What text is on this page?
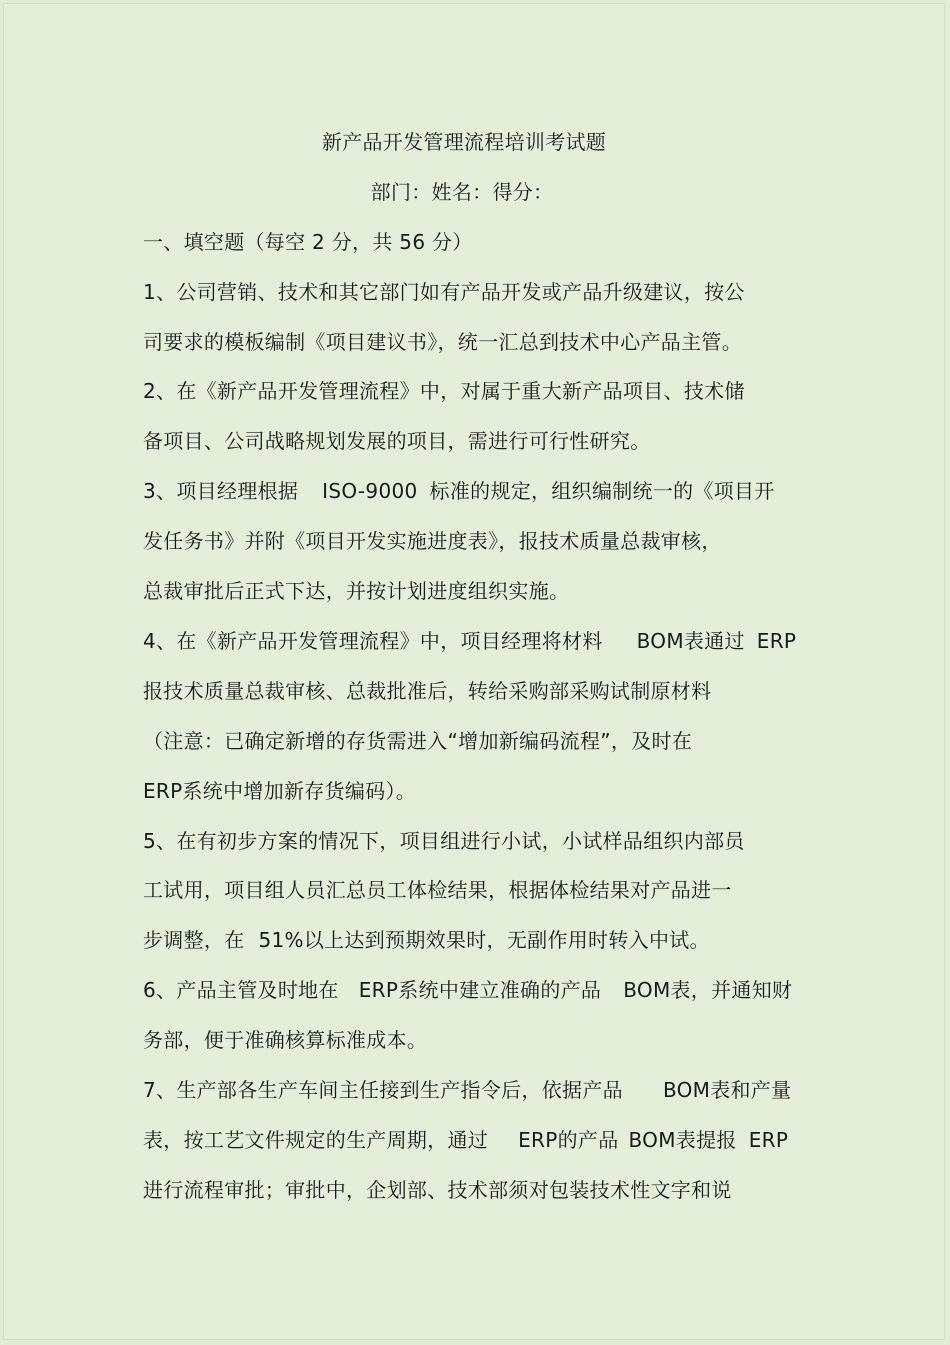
新产品开发管理流程培训考试题
部门：姓名：得分：
一、填空题（每空 2 分，共 56 分）
1、公司营销、技术和其它部门如有产品开发或产品升级建议，按公
司要求的模板编制《项目建议书》，统一汇总到技术中心产品主管。
2、在《新产品开发管理流程》中，对属于重大新产品项目、技术储
备项目、公司战略规划发展的项目，需进行可行性研究。
3、项目经理根据 ISO-9000 标准的规定，组织编制统一的《项目开
发任务书》并附《项目开发实施进度表》，报技术质量总裁审核，
总裁审批后正式下达，并按计划进度组织实施。
4、在《新产品开发管理流程》中，项目经理将材料 BOM表通过 ERP
报技术质量总裁审核、总裁批准后，转给采购部采购试制原材料
（注意：已确定新增的存货需进入“增加新编码流程”，及时在
ERP系统中增加新存货编码）。
5、在有初步方案的情况下，项目组进行小试，小试样品组织内部员
工试用，项目组人员汇总员工体检结果，根据体检结果对产品进一
步调整，在 51%以上达到预期效果时，无副作用时转入中试。
6、产品主管及时地在 ERP系统中建立准确的产品 BOM表，并通知财
务部，便于准确核算标准成本。
7、生产部各生产车间主任接到生产指令后，依据产品 BOM表和产量
表，按工艺文件规定的生产周期，通过 ERP的产品 BOM表提报 ERP
进行流程审批；审批中，企划部、技术部须对包装技术性文字和说
